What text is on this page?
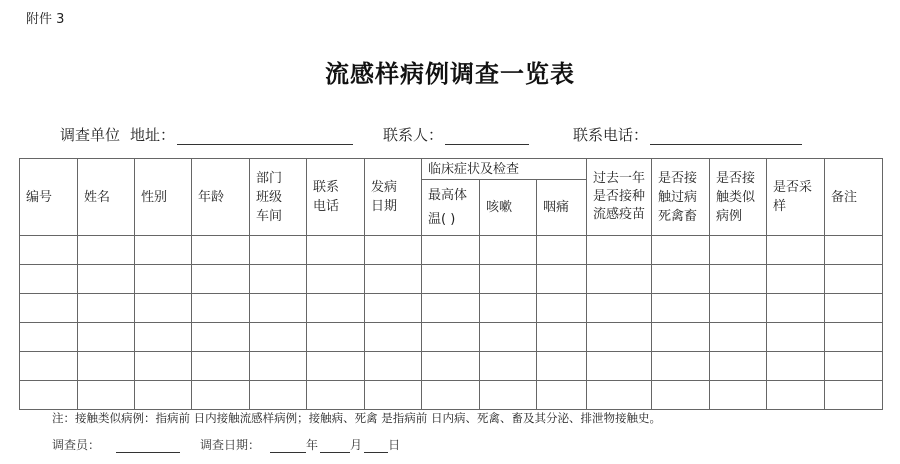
附件 3
流感样病例调查一览表
调查单位 地址：	联系人：	联系电话：
编号	姓名	性别	年龄	部门班级车间	联系电话	发病日期	临床症状及检查			过去一年是否接种流感疫苗	是否接触过病死禽畜	是否接触类似病例	是否采样	备注
							最高体温( )	咳嗽	咽痛					

注：接触类似病例：指病前 日内接触流感样病例；接触病、死禽 是指病前 日内病、死禽、畜及其分泌、排泄物接触史。
调查员：	调查日期：	年	月 日
